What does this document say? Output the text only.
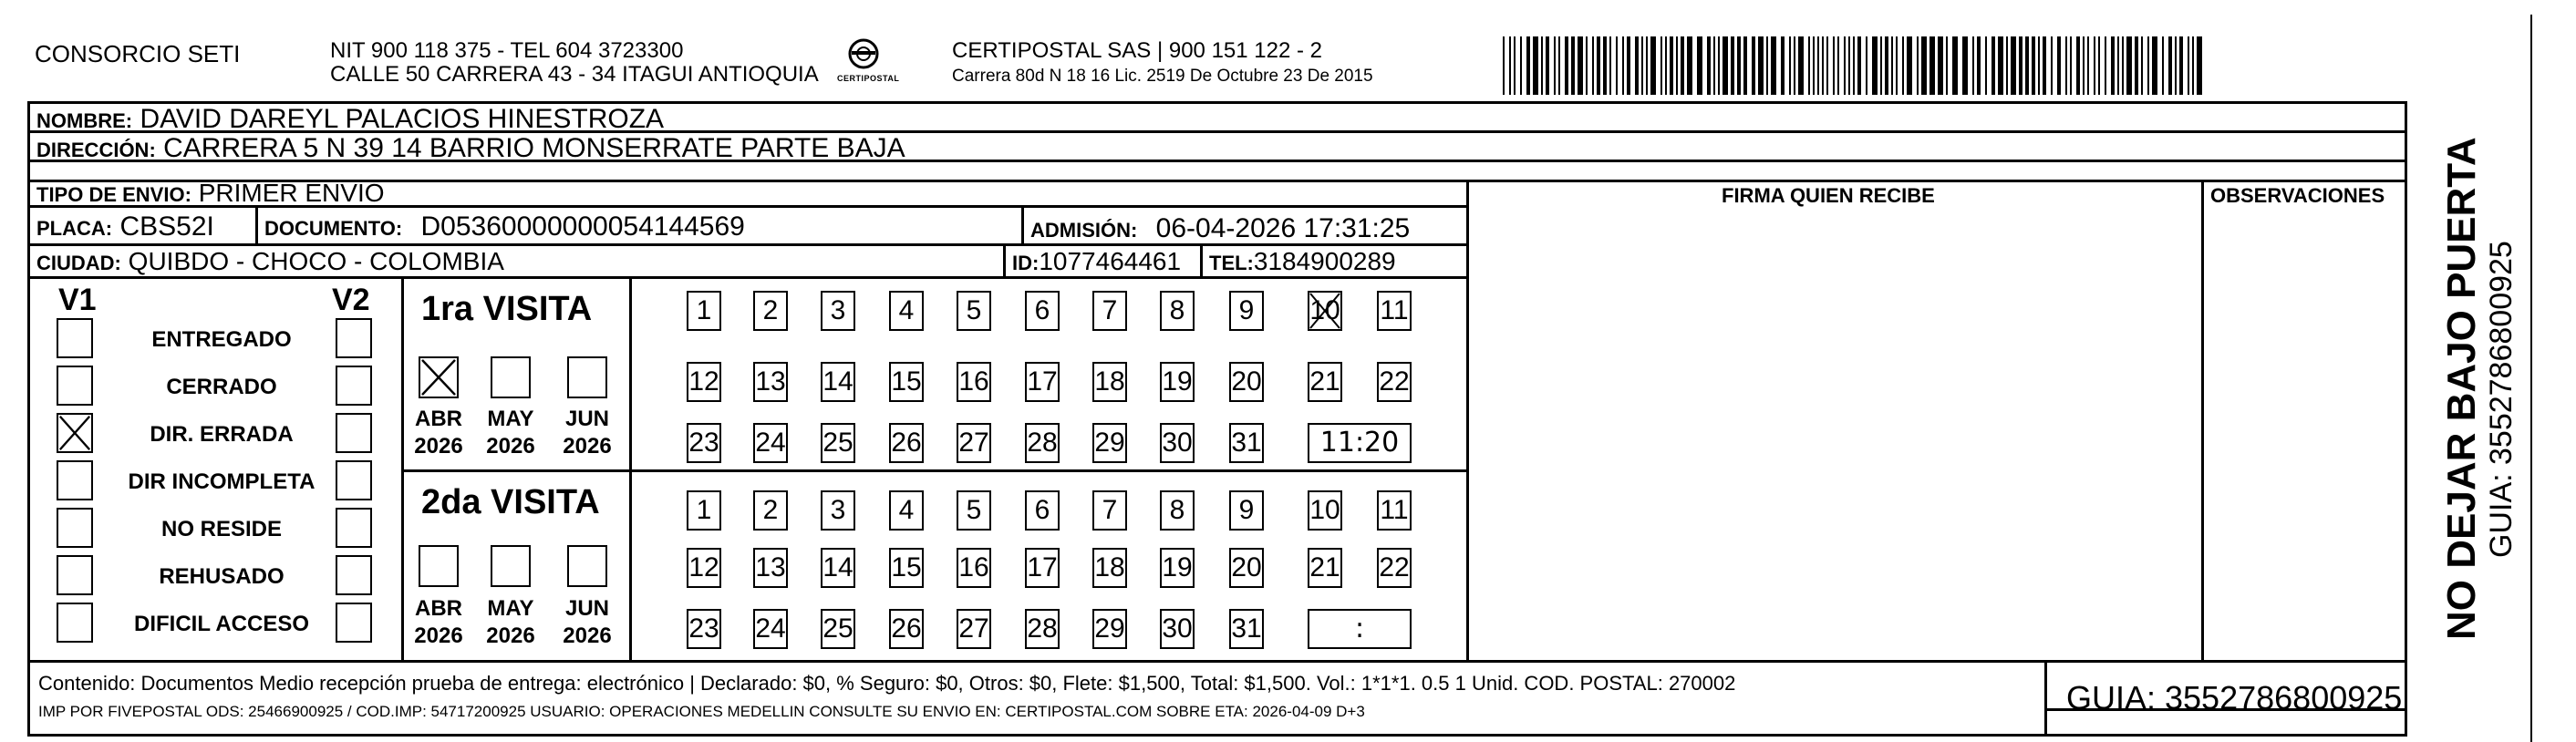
CONSORCIO SETI	NIT 900 118 375 - TEL 604 3723300
CALLE 50 CARRERA 43 - 34 ITAGUI ANTIOQUIA CERTIPOSTAL
CERTIPOSTAL SAS | 900 151 122 - 2
Carrera 80d N 18 16 Lic. 2519 De Octubre 23 De 2015
NOMBRE: DAVID DAREYL PALACIOS HINESTROZA
DIRECCIÓN: CARRERA 5 N 39 14 BARRIO MONSERRATE PARTE BAJA
TIPO DE ENVIO: PRIMER ENVIO	FIRMA QUIEN RECIBE	OBSERVACIONES
PLACA: CBS52I	DOCUMENTO: D05360000000054144569	ADMISIÓN: 06-04-2026 17:31:25
CIUDAD: QUIBDO - CHOCO - COLOMBIA	ID:1077464461 TEL:3184900289
V1	V2
ENTREGADO
CERRADO
DIR. ERRADA
DIR INCOMPLETA
NO RESIDE
REHUSADO
DIFICIL ACCESO
1ra VISITA
2da VISITA
1	2	3	4	5	6	7	8	9	10 11
12 13 14 15 16 17 18 19 20 21 22
23 24 25 26 27 28 29 30 31	11:20
1	2	3	4	5	6	7	8	9	10 11
12 13 14 15 16 17 18 19 20 21 22
23 24 25 26 27 28 29 30 31	:
ABR
2026
MAY
2026
JUN
2026
ABR
2026
MAY
2026
JUN
2026
Contenido: Documentos Medio recepción prueba de entrega: electrónico | Declarado: $0, % Seguro: $0, Otros: $0, Flete: $1,500, Total: $1,500. Vol.: 1*1*1. 0.5 1 Unid. COD. POSTAL: 270002
IMP POR FIVEPOSTAL ODS: 25466900925 / COD.IMP: 54717200925 USUARIO: OPERACIONES MEDELLIN CONSULTE SU ENVIO EN: CERTIPOSTAL.COM SOBRE ETA: 2026-04-09 D+3	GUIA: 3552786800925
NO DEJAR BAJO PUERTA GUIA: 3552786800925
